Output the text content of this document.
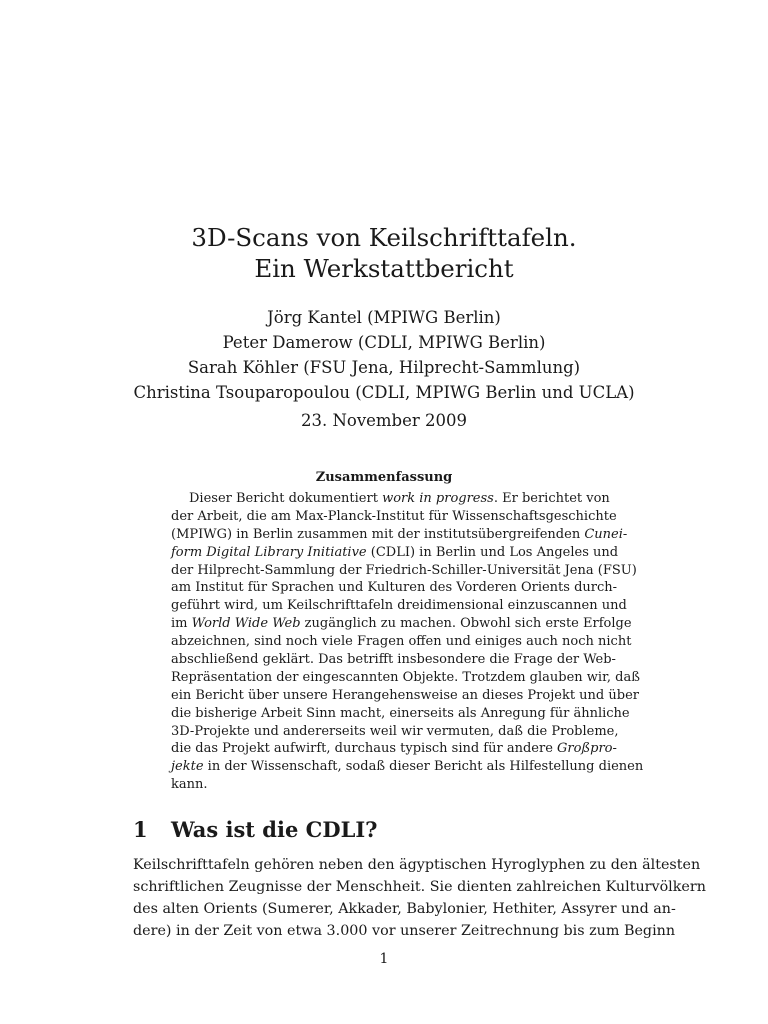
3D-Scans von Keilschrifttafeln.
Ein Werkstattbericht
Jörg Kantel (MPIWG Berlin)
Peter Damerow (CDLI, MPIWG Berlin)
Sarah Köhler (FSU Jena, Hilprecht-Sammlung)
Christina Tsouparopoulou (CDLI, MPIWG Berlin und UCLA)
23. November 2009
Zusammenfassung
Dieser Bericht dokumentiert work in progress. Er berichtet von
der Arbeit, die am Max-Planck-Institut für Wissenschaftsgeschichte
(MPIWG) in Berlin zusammen mit der institutsübergreifenden Cunei-
form Digital Library Initiative (CDLI) in Berlin und Los Angeles und
der Hilprecht-Sammlung der Friedrich-Schiller-Universität Jena (FSU)
am Institut für Sprachen und Kulturen des Vorderen Orients durch-
geführt wird, um Keilschrifttafeln dreidimensional einzuscannen und
im World Wide Web zugänglich zu machen. Obwohl sich erste Erfolge
abzeichnen, sind noch viele Fragen offen und einiges auch noch nicht
abschließend geklärt. Das betrifft insbesondere die Frage der Web-
Repräsentation der eingescannten Objekte. Trotzdem glauben wir, daß
ein Bericht über unsere Herangehensweise an dieses Projekt und über
die bisherige Arbeit Sinn macht, einerseits als Anregung für ähnliche
3D-Projekte und andererseits weil wir vermuten, daß die Probleme,
die das Projekt aufwirft, durchaus typisch sind für andere Großpro-
jekte in der Wissenschaft, sodaß dieser Bericht als Hilfestellung dienen
kann.
1 Was ist die CDLI?
Keilschrifttafeln gehören neben den ägyptischen Hyroglyphen zu den ältesten
schriftlichen Zeugnisse der Menschheit. Sie dienten zahlreichen Kulturvölkern
des alten Orients (Sumerer, Akkader, Babylonier, Hethiter, Assyrer und an-
dere) in der Zeit von etwa 3.000 vor unserer Zeitrechnung bis zum Beginn
1
